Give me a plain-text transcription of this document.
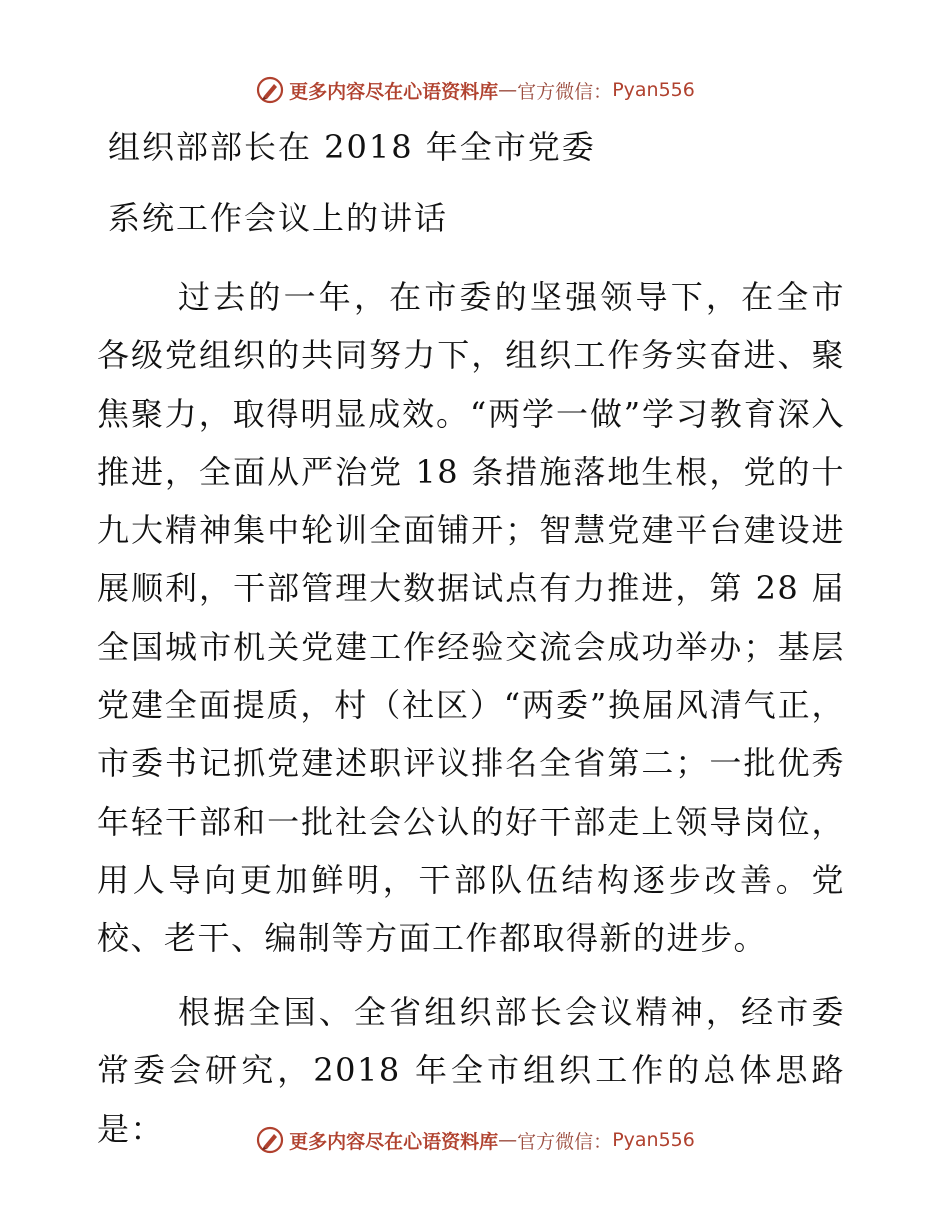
更多内容尽在心语资料库 — 官方微信： Pyan556
组织部部长在 2018 年全市党委
系统工作会议上的讲话

过去的一年，在市委的坚强领导下，在全市各级党组织的共同努力下，组织工作务实奋进、聚焦聚力，取得明显成效。“两学一做”学习教育深入推进，全面从严治党 18 条措施落地生根，党的十九大精神集中轮训全面铺开；智慧党建平台建设进展顺利，干部管理大数据试点有力推进，第 28 届全国城市机关党建工作经验交流会成功举办；基层党建全面提质，村（社区）“两委”换届风清气正，市委书记抓党建述职评议排名全省第二；一批优秀年轻干部和一批社会公认的好干部走上领导岗位，用人导向更加鲜明，干部队伍结构逐步改善。党校、老干、编制等方面工作都取得新的进步。

根据全国、全省组织部长会议精神，经市委常委会研究，2018 年全市组织工作的总体思路是：	更多内容尽在心语资料库 — 官方微信： Pyan556
